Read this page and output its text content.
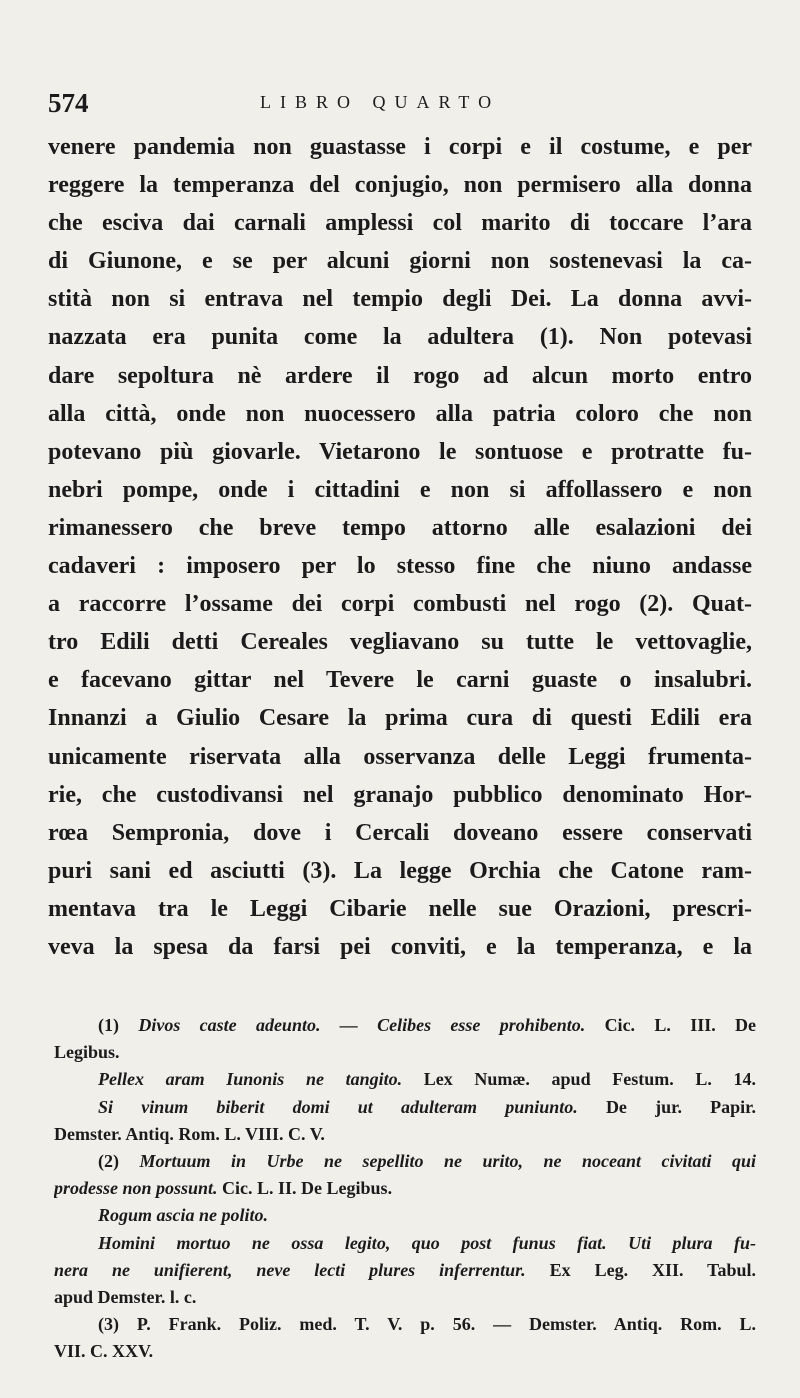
574	LIBRO QUARTO
venere pandemia non guastasse i corpi e il costume, e per
reggere la temperanza del conjugio, non permisero alla donna
che esciva dai carnali amplessi col marito di toccare l’ara
di Giunone, e se per alcuni giorni non sostenevasi la ca-
stità non si entrava nel tempio degli Dei. La donna avvi-
nazzata era punita come la adultera (1). Non potevasi
dare sepoltura nè ardere il rogo ad alcun morto entro
alla città, onde non nuocessero alla patria coloro che non
potevano più giovarle. Vietarono le sontuose e protratte fu-
nebri pompe, onde i cittadini e non si affollassero e non
rimanessero che breve tempo attorno alle esalazioni dei
cadaveri : imposero per lo stesso fine che niuno andasse
a raccorre l’ossame dei corpi combusti nel rogo (2). Quat-
tro Edili detti Cereales vegliavano su tutte le vettovaglie,
e facevano gittar nel Tevere le carni guaste o insalubri.
Innanzi a Giulio Cesare la prima cura di questi Edili era
unicamente riservata alla osservanza delle Leggi frumenta-
rie, che custodivansi nel granajo pubblico denominato Hor-
rœa Sempronia, dove i Cercali doveano essere conservati
puri sani ed asciutti (3). La legge Orchia che Catone ram-
mentava tra le Leggi Cibarie nelle sue Orazioni, prescri-
veva la spesa da farsi pei conviti, e la temperanza, e la
(1) Divos caste adeunto. — Celibes esse prohibento. Cic. L. III. De
Legibus.
Pellex aram Iunonis ne tangito. Lex Numæ. apud Festum. L. 14.
Si vinum biberit domi ut adulteram puniunto. De jur. Papir.
Demster. Antiq. Rom. L. VIII. C. V.
(2) Mortuum in Urbe ne sepellito ne urito, ne noceant civitati qui
prodesse non possunt. Cic. L. II. De Legibus.
Rogum ascia ne polito.
Homini mortuo ne ossa legito, quo post funus fiat. Uti plura fu-
nera ne unifierent, neve lecti plures inferrentur. Ex Leg. XII. Tabul.
apud Demster. l. c.
(3) P. Frank. Poliz. med. T. V. p. 56. — Demster. Antiq. Rom. L.
VII. C. XXV.
